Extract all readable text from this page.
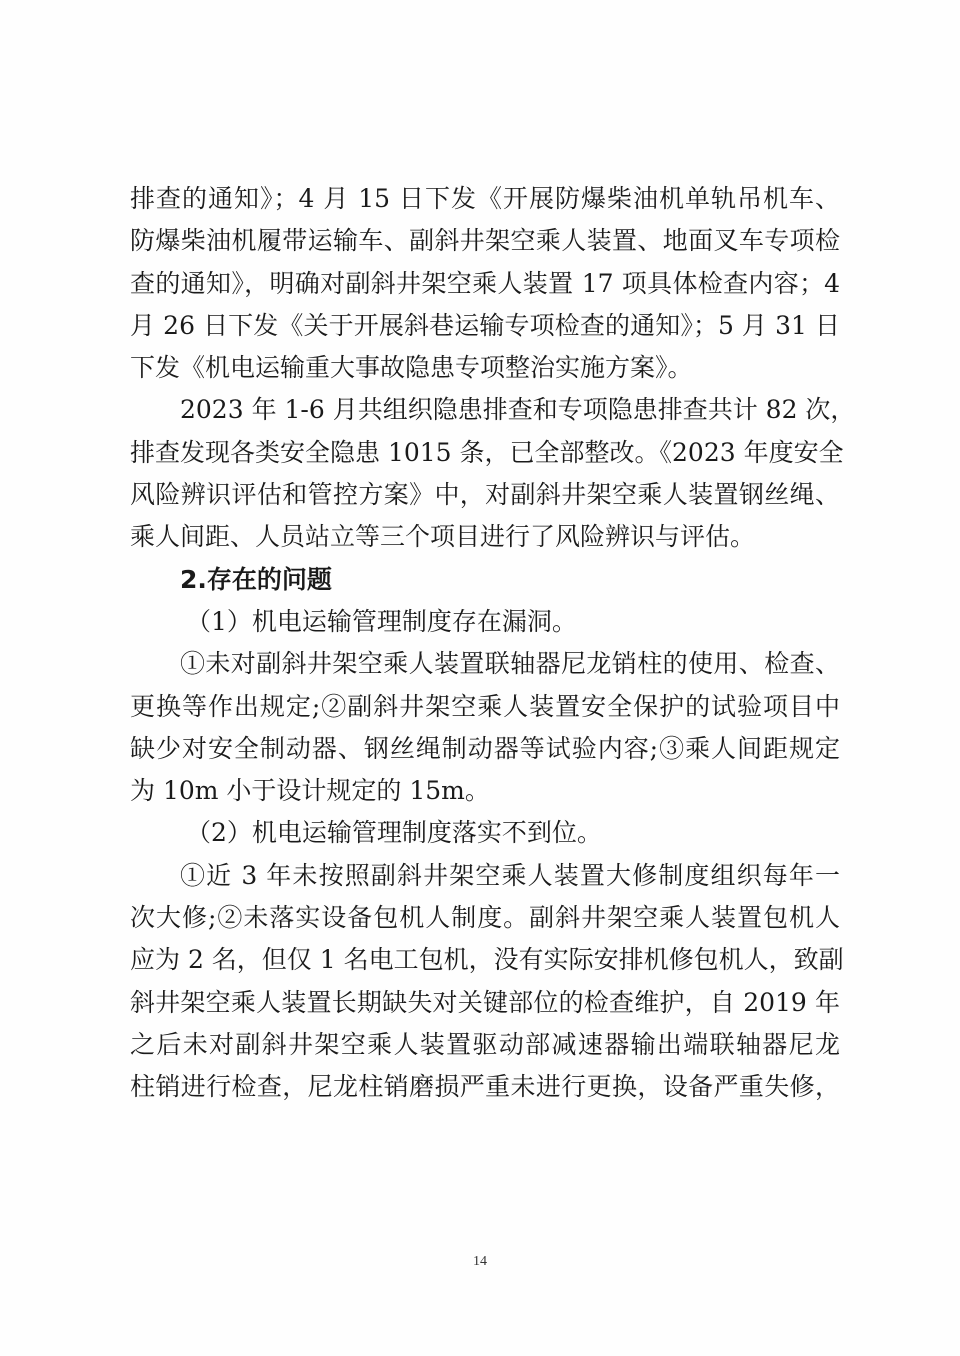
排查的通知》；4 月 15 日下发《开展防爆柴油机单轨吊机车、
防爆柴油机履带运输车、副斜井架空乘人装置、地面叉车专项检
查的通知》，明确对副斜井架空乘人装置 17 项具体检查内容；4
月 26 日下发《关于开展斜巷运输专项检查的通知》；5 月 31 日
下发《机电运输重大事故隐患专项整治实施方案》。
2023 年 1-6 月共组织隐患排查和专项隐患排查共计 82 次，
排查发现各类安全隐患 1015 条，已全部整改。《2023 年度安全
风险辨识评估和管控方案》中，对副斜井架空乘人装置钢丝绳、
乘人间距、人员站立等三个项目进行了风险辨识与评估。
2.存在的问题
（1）机电运输管理制度存在漏洞。
①未对副斜井架空乘人装置联轴器尼龙销柱的使用、检查、
更换等作出规定;②副斜井架空乘人装置安全保护的试验项目中
缺少对安全制动器、钢丝绳制动器等试验内容;③乘人间距规定
为 10m 小于设计规定的 15m。
（2）机电运输管理制度落实不到位。
①近 3 年未按照副斜井架空乘人装置大修制度组织每年一
次大修;②未落实设备包机人制度。副斜井架空乘人装置包机人
应为 2 名，但仅 1 名电工包机，没有实际安排机修包机人，致副
斜井架空乘人装置长期缺失对关键部位的检查维护，自 2019 年
之后未对副斜井架空乘人装置驱动部减速器输出端联轴器尼龙
柱销进行检查，尼龙柱销磨损严重未进行更换，设备严重失修，
14
